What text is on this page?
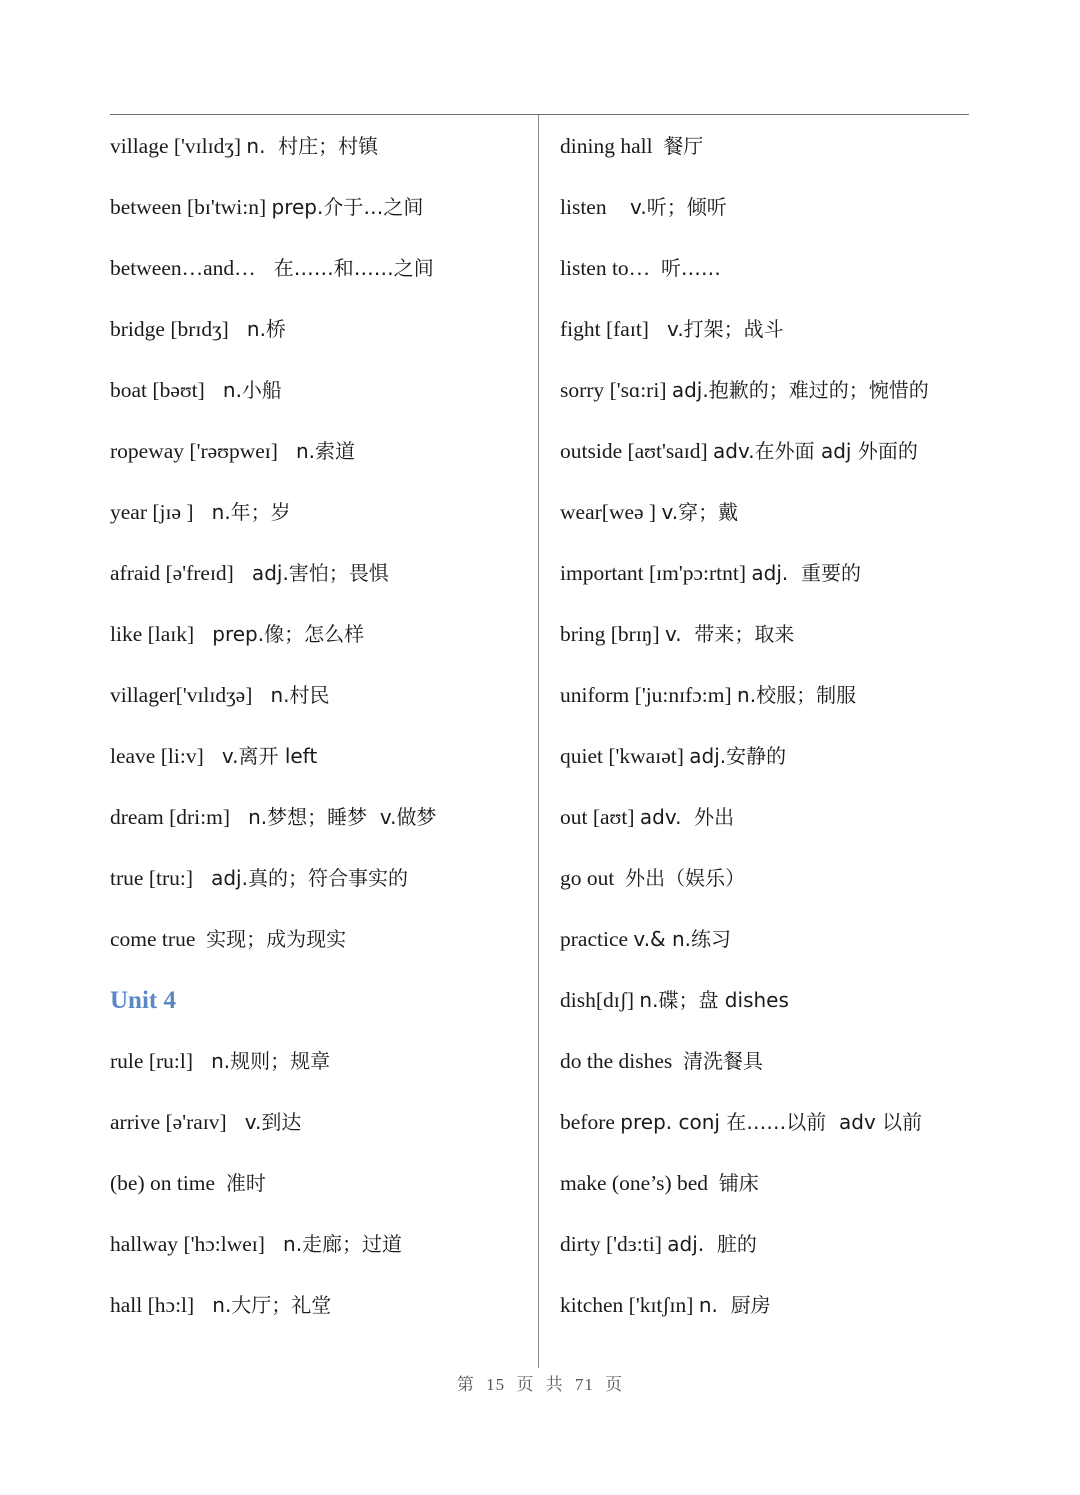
village ['vɪlɪdʒ] n.  村庄；村镇
between [bɪ'twi:n] prep.介于…之间
between…and…   在……和……之间
bridge [brɪdʒ]   n.桥
boat [bəʊt]   n.小船
ropeway ['rəʊpweɪ]   n.索道
year [jɪə ]   n.年；岁
afraid [ə'freɪd]   adj.害怕；畏惧
like [laɪk]   prep.像；怎么样
villager['vɪlɪdʒə]   n.村民
leave [li:v]   v.离开 left
dream [dri:m]   n.梦想；睡梦  v.做梦
true [tru:]   adj.真的；符合事实的
come true 实现；成为现实
Unit 4
rule [ru:l]   n.规则；规章
arrive [ə'raɪv]   v.到达
(be) on time 准时
hallway ['hɔ:lweɪ]   n.走廊；过道
hall [hɔ:l]   n.大厅；礼堂
dining hall 餐厅
listen    v.听；倾听
listen to… 听……
fight [faɪt]   v.打架；战斗
sorry ['sɑ:ri] adj.抱歉的；难过的；惋惜的
outside [aʊt'saɪd] adv.在外面 adj 外面的
wear[weə ] v.穿；戴
important [ɪm'pɔ:rtnt] adj.  重要的
bring [brɪŋ] v.  带来；取来
uniform ['ju:nɪfɔ:m] n.校服；制服
quiet ['kwaɪət] adj.安静的
out [aʊt] adv.  外出
go out 外出（娱乐）
practice v.& n.练习
dish[dɪʃ] n.碟；盘 dishes
do the dishes 清洗餐具
before prep. conj 在……以前  adv 以前
make (one’s) bed 铺床
dirty ['dɜ:ti] adj.  脏的
kitchen ['kɪtʃɪn] n.  厨房
第 15 页 共 71 页
